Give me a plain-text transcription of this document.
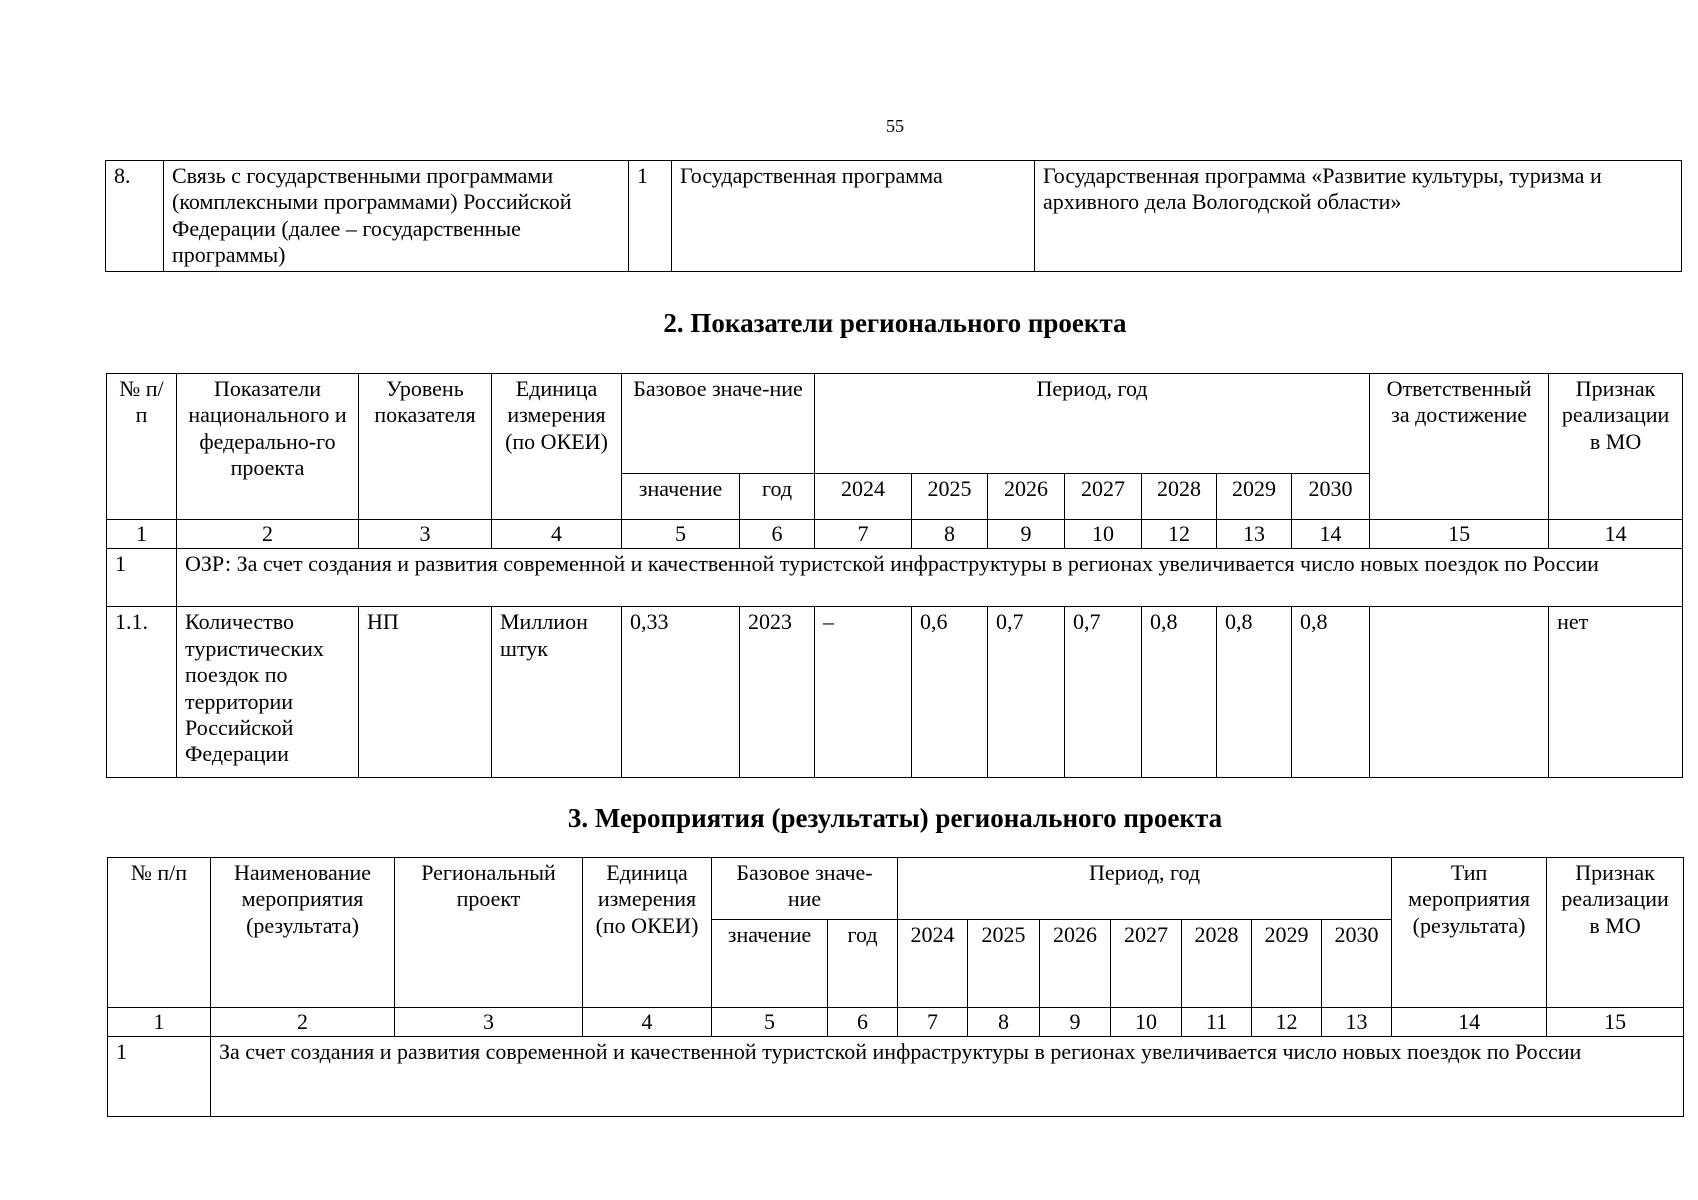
55
8.	Связь с государственными программами (комплексными программами) Российской Федерации (далее – государственные программы)	1	Государственная программа	Государственная программа «Развитие культуры, туризма и архивного дела Вологодской области»
2. Показатели регионального проекта
№ п/п	Показатели национального и федерально-го проекта	Уровень показателя	Единица измерения (по ОКЕИ)	Базовое значе-ние		Период, год							Ответственный за достижение	Признак реализации в МО
				значение	год	2024	2025	2026	2027	2028	2029	2030		
1	2	3	4	5	6	7	8	9	10	12	13	14	15	14
1	ОЗР: За счет создания и развития современной и качественной туристской инфраструктуры в регионах увеличивается число новых поездок по России													
1.1.	Количество туристических поездок по территории Российской Федерации	НП	Миллион штук	0,33	2023	–	0,6	0,7	0,7	0,8	0,8	0,8		нет
3. Мероприятия (результаты) регионального проекта
№ п/п	Наименование мероприятия (результата)	Региональный проект	Единица измерения (по ОКЕИ)	Базовое значе-ние		Период, год							Тип мероприятия (результата)	Признак реализации в МО
				значение	год	2024	2025	2026	2027	2028	2029	2030		
1	2	3	4	5	6	7	8	9	10	11	12	13	14	15
1	За счет создания и развития современной и качественной туристской инфраструктуры в регионах увеличивается число новых поездок по России													
